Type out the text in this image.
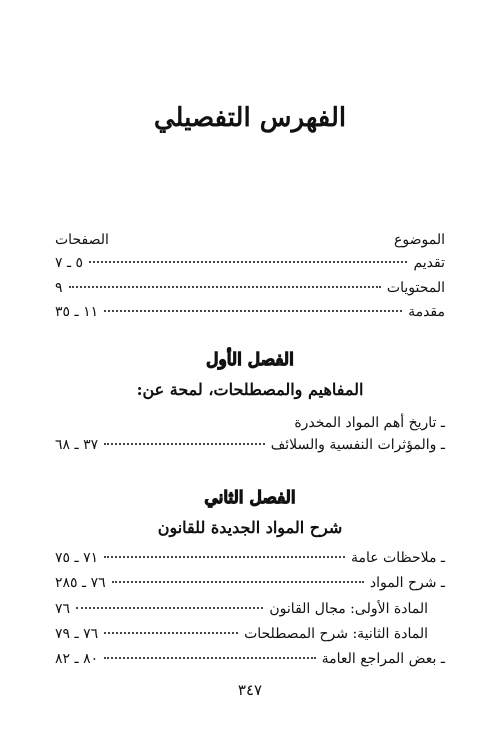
الفهرس التفصيلي
الموضوع
الصفحات
تقديم
٥ ـ ٧
المحتويات
٩
مقدمة
١١ ـ ٣٥
الفصل الأول
المفاهيم والمصطلحات، لمحة عن:
ـ تاريخ أهم المواد المخدرة
ـ والمؤثرات النفسية والسلائف
٣٧ ـ ٦٨
الفصل الثاني
شرح المواد الجديدة للقانون
ـ ملاحظات عامة
٧١ ـ ٧٥
ـ شرح المواد
٧٦ ـ ٢٨٥
المادة الأولى: مجال القانون
٧٦
المادة الثانية: شرح المصطلحات
٧٦ ـ ٧٩
ـ بعض المراجع العامة
٨٠ ـ ٨٢
٣٤٧
